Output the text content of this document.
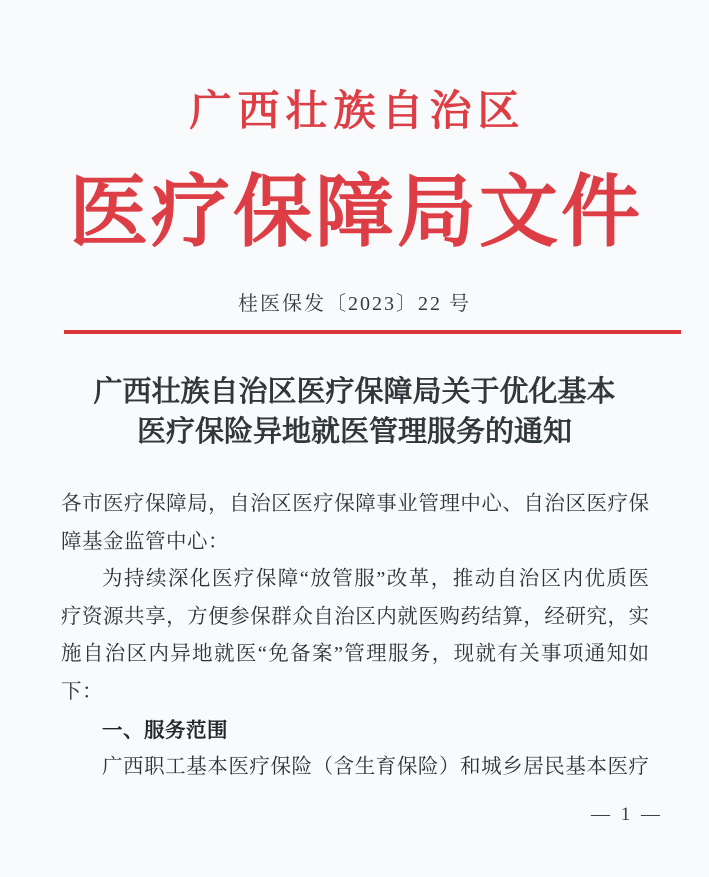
广西壮族自治区
医疗保障局文件
桂医保发〔2023〕22 号
广西壮族自治区医疗保障局关于优化基本
医疗保险异地就医管理服务的通知
各市医疗保障局，自治区医疗保障事业管理中心、自治区医疗保
障基金监管中心：
为持续深化医疗保障“放管服”改革，推动自治区内优质医
疗资源共享，方便参保群众自治区内就医购药结算，经研究，实
施自治区内异地就医“免备案”管理服务，现就有关事项通知如
下：
一、服务范围
广西职工基本医疗保险（含生育保险）和城乡居民基本医疗
— 1 —
